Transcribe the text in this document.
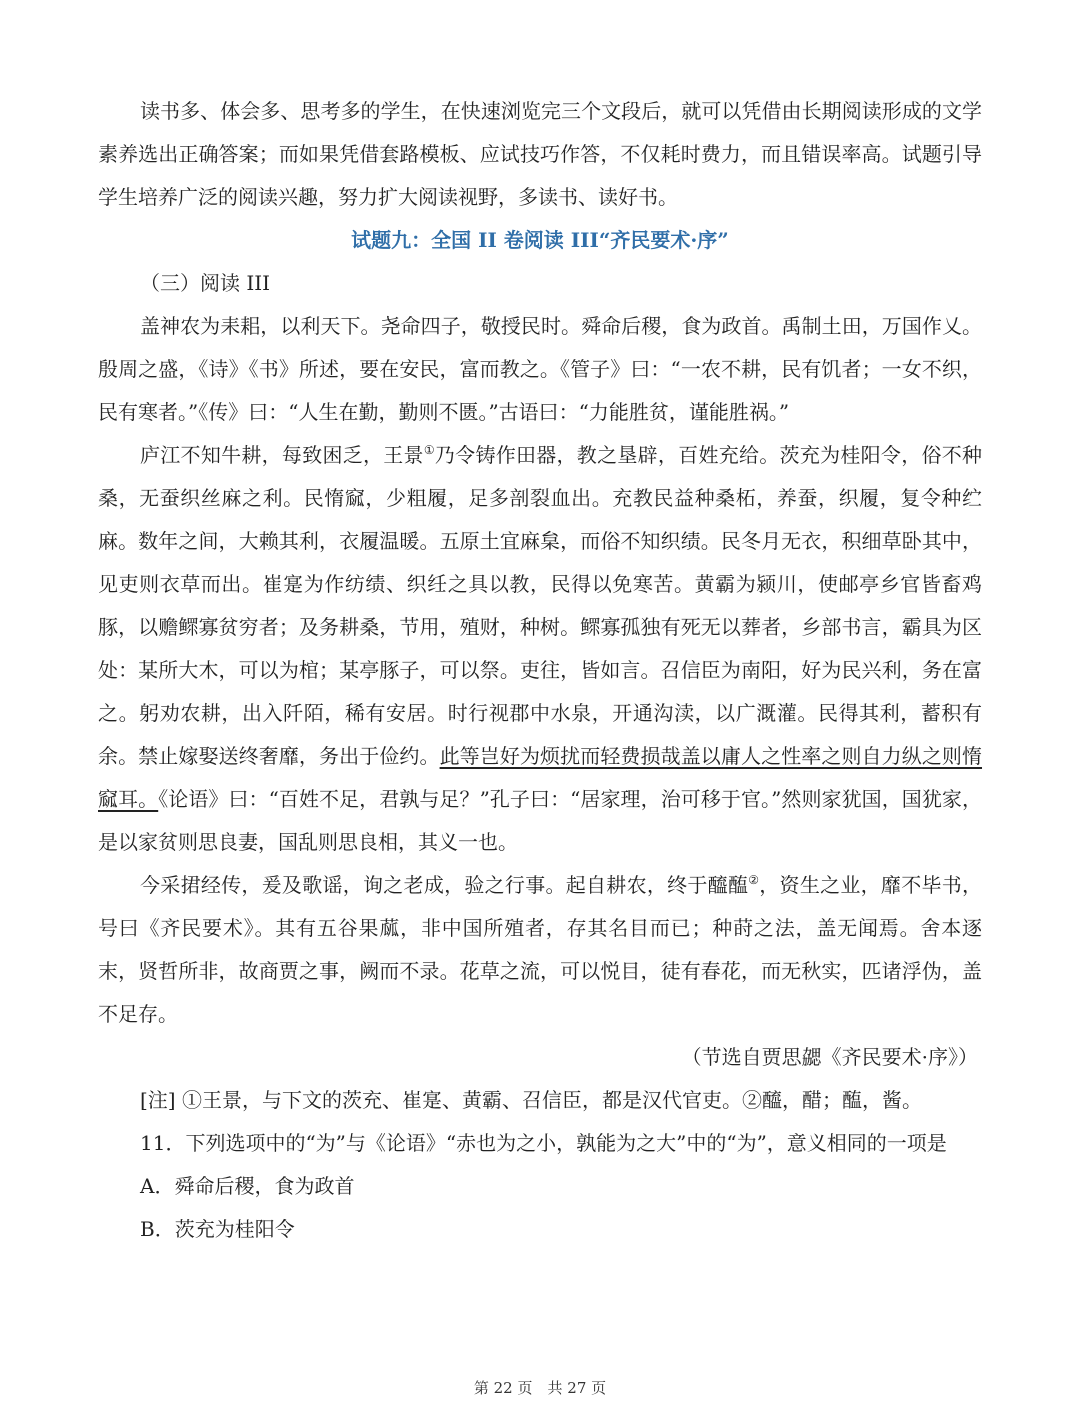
读书多、体会多、思考多的学生，在快速浏览完三个文段后，就可以凭借由长期阅读形成的文学素养选出正确答案；而如果凭借套路模板、应试技巧作答，不仅耗时费力，而且错误率高。试题引导学生培养广泛的阅读兴趣，努力扩大阅读视野，多读书、读好书。

试题九：全国 II 卷阅读 III“齐民要术·序”

（三）阅读 III

盖神农为耒耜，以利天下。尧命四子，敬授民时。舜命后稷，食为政首。禹制土田，万国作乂。殷周之盛，《诗》《书》所述，要在安民，富而教之。《管子》曰：“一农不耕，民有饥者；一女不织，民有寒者。”《传》曰：“人生在勤，勤则不匮。”古语曰：“力能胜贫，谨能胜祸。”

庐江不知牛耕，每致困乏，王景①乃令铸作田器，教之垦辟，百姓充给。茨充为桂阳令，俗不种桑，无蚕织丝麻之利。民惰窳，少粗履，足多剖裂血出。充教民益种桑柘，养蚕，织履，复令种纻麻。数年之间，大赖其利，衣履温暖。五原土宜麻枲，而俗不知织绩。民冬月无衣，积细草卧其中，见吏则衣草而出。崔寔为作纺绩、织纴之具以教，民得以免寒苦。黄霸为颍川，使邮亭乡官皆畜鸡豚，以赡鳏寡贫穷者；及务耕桑，节用，殖财，种树。鳏寡孤独有死无以葬者，乡部书言，霸具为区处：某所大木，可以为棺；某亭豚子，可以祭。吏往，皆如言。召信臣为南阳，好为民兴利，务在富之。躬劝农耕，出入阡陌，稀有安居。时行视郡中水泉，开通沟渎，以广溉灌。民得其利，蓄积有余。禁止嫁娶送终奢靡，务出于俭约。此等岂好为烦扰而轻费损哉盖以庸人之性率之则自力纵之则惰窳耳。《论语》曰：“百姓不足，君孰与足？”孔子曰：“居家理，治可移于官。”然则家犹国，国犹家，是以家贫则思良妻，国乱则思良相，其义一也。

今采捃经传，爰及歌谣，询之老成，验之行事。起自耕农，终于醯醢②，资生之业，靡不毕书，号曰《齐民要术》。其有五谷果蓏，非中国所殖者，存其名目而已；种莳之法，盖无闻焉。舍本逐末，贤哲所非，故商贾之事，阙而不录。花草之流，可以悦目，徒有春花，而无秋实，匹诸浮伪，盖不足存。

（节选自贾思勰《齐民要术·序》）

[注] ①王景，与下文的茨充、崔寔、黄霸、召信臣，都是汉代官吏。②醯，醋；醢，酱。

11．下列选项中的“为”与《论语》“赤也为之小，孰能为之大”中的“为”，意义相同的一项是

A．舜命后稷，食为政首

B．茨充为桂阳令

第 22 页　共 27 页
